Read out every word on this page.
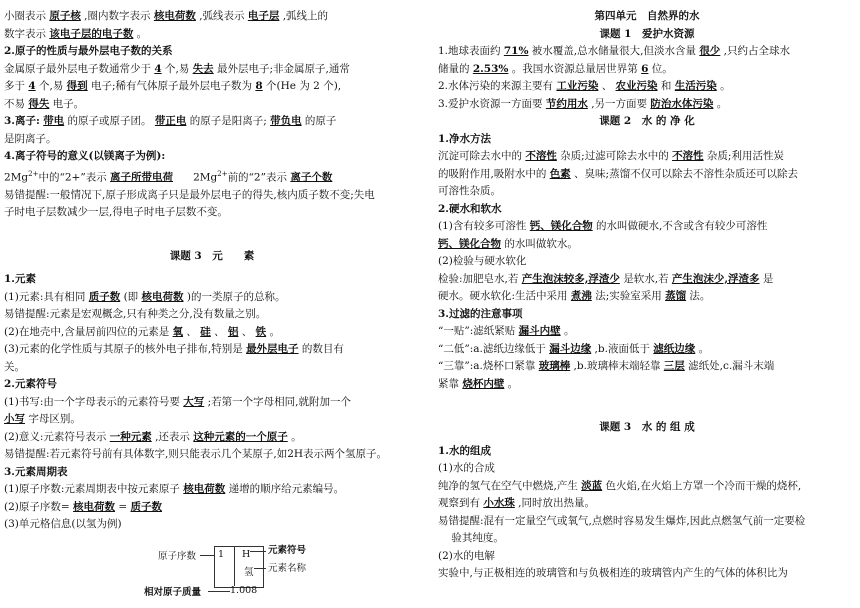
小圈表示 原子核 ,圈内数字表示 核电荷数 ,弧线表示 电子层 ,弧线上的
数字表示 该电子层的电子数 。
2.原子的性质与最外层电子数的关系
金属原子最外层电子数通常少于 4 个,易 失去 最外层电子;非金属原子,通常
多于 4 个,易 得到 电子;稀有气体原子最外层电子数为 8 个(He 为 2 个),
不易 得失 电子。
3.离子: 带电 的原子或原子团。 带正电 的原子是阳离子; 带负电 的原子
是阴离子。
4.离子符号的意义(以镁离子为例):
$2Mg^{2+}$中的“2+”表示 离子所带电荷      $2Mg^{2+}$前的“2”表示 离子个数
易错提醒:一般情况下,原子形成离子只是最外层电子的得失,核内质子数不变;失电
子时电子层数减少一层,得电子时电子层数不变。
课题 3　元　　素
1.元素
(1)元素:具有相同 质子数 (即 核电荷数 )的一类原子的总称。
易错提醒:元素是宏观概念,只有种类之分,没有数量之别。
(2)在地壳中,含量居前四位的元素是 氧 、 硅 、 铝 、 铁 。
(3)元素的化学性质与其原子的核外电子排布,特别是 最外层电子 的数目有
关。
2.元素符号
(1)书写:由一个字母表示的元素符号要 大写 ;若第一个字母相同,就附加一个
小写 字母区别。
(2)意义:元素符号表示 一种元素 ,还表示 这种元素的一个原子 。
易错提醒:若元素符号前有具体数字,则只能表示几个某原子,如2H表示两个氢原子。
3.元素周期表
(1)原子序数:元素周期表中按元素原子 核电荷数 递增的顺序给元素编号。
(2)原子序数= 核电荷数 = 质子数
(3)单元格信息(以氢为例)
原子序数 1 H
氢
1.008
元素符号
元素名称
相对原子质量
第四单元　自然界的水
课题 1　爱护水资源
1.地球表面约 71% 被水覆盖,总水储量很大,但淡水含量 很少 ,只约占全球水
储量的 2.53% 。我国水资源总量居世界第 6 位。
2.水体污染的来源主要有 工业污染 、 农业污染 和 生活污染 。
3.爱护水资源一方面要 节约用水 ,另一方面要 防治水体污染 。
课题 2　水 的 净 化
1.净水方法
沉淀可除去水中的 不溶性 杂质;过滤可除去水中的 不溶性 杂质;利用活性炭
的吸附作用,吸附水中的 色素 、臭味;蒸馏不仅可以除去不溶性杂质还可以除去
可溶性杂质。
2.硬水和软水
(1)含有较多可溶性 钙、镁化合物 的水叫做硬水,不含或含有较少可溶性
钙、镁化合物 的水叫做软水。
(2)检验与硬水软化
检验:加肥皂水,若 产生泡沫较多,浮渣少 是软水,若 产生泡沫少,浮渣多 是
硬水。硬水软化:生活中采用 煮沸 法;实验室采用 蒸馏 法。
3.过滤的注意事项
“一贴”:滤纸紧贴 漏斗内壁 。
“二低”:a.滤纸边缘低于 漏斗边缘 ,b.液面低于 滤纸边缘 。
“三靠”:a.烧杯口紧靠 玻璃棒 ,b.玻璃棒末端轻靠 三层 滤纸处,c.漏斗末端
紧靠 烧杯内壁 。
课题 3　水 的 组 成
1.水的组成
(1)水的合成
纯净的氢气在空气中燃烧,产生 淡蓝 色火焰,在火焰上方罩一个冷而干燥的烧杯,
观察到有 小水珠 ,同时放出热量。
易错提醒:混有一定量空气或氧气,点燃时容易发生爆炸,因此点燃氢气前一定要检
验其纯度。
(2)水的电解
实验中,与正极相连的玻璃管和与负极相连的玻璃管内产生的气体的体积比为
